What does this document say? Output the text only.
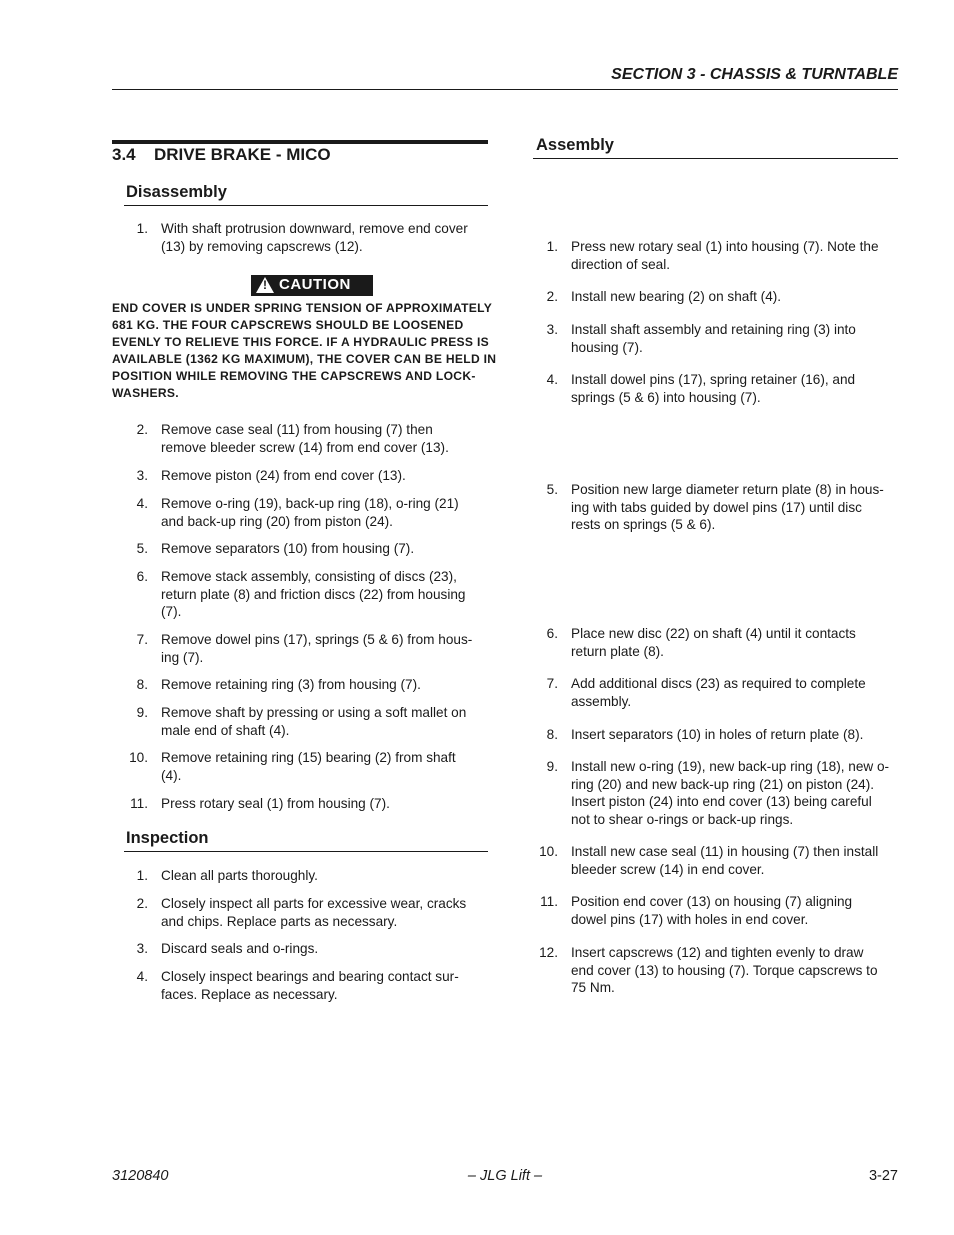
SECTION 3 - CHASSIS & TURNTABLE
3.4 DRIVE BRAKE - MICO
Disassembly
1. With shaft protrusion downward, remove end cover
(13) by removing capscrews (12).
! CAUTION
END COVER IS UNDER SPRING TENSION OF APPROXIMATELY
681 KG. THE FOUR CAPSCREWS SHOULD BE LOOSENED
EVENLY TO RELIEVE THIS FORCE. IF A HYDRAULIC PRESS IS
AVAILABLE (1362 KG MAXIMUM), THE COVER CAN BE HELD IN
POSITION WHILE REMOVING THE CAPSCREWS AND LOCK-
WASHERS.
2. Remove case seal (11) from housing (7) then
remove bleeder screw (14) from end cover (13).
3. Remove piston (24) from end cover (13).
4. Remove o-ring (19), back-up ring (18), o-ring (21)
and back-up ring (20) from piston (24).
5. Remove separators (10) from housing (7).
6. Remove stack assembly, consisting of discs (23),
return plate (8) and friction discs (22) from housing
(7).
7. Remove dowel pins (17), springs (5 & 6) from hous-
ing (7).
8. Remove retaining ring (3) from housing (7).
9. Remove shaft by pressing or using a soft mallet on
male end of shaft (4).
10. Remove retaining ring (15) bearing (2) from shaft
(4).
11. Press rotary seal (1) from housing (7).
Inspection
1. Clean all parts thoroughly.
2. Closely inspect all parts for excessive wear, cracks
and chips. Replace parts as necessary.
3. Discard seals and o-rings.
4. Closely inspect bearings and bearing contact sur-
faces. Replace as necessary.
Assembly
1. Press new rotary seal (1) into housing (7). Note the
direction of seal.
2. Install new bearing (2) on shaft (4).
3. Install shaft assembly and retaining ring (3) into
housing (7).
4. Install dowel pins (17), spring retainer (16), and
springs (5 & 6) into housing (7).
5. Position new large diameter return plate (8) in hous-
ing with tabs guided by dowel pins (17) until disc
rests on springs (5 & 6).
6. Place new disc (22) on shaft (4) until it contacts
return plate (8).
7. Add additional discs (23) as required to complete
assembly.
8. Insert separators (10) in holes of return plate (8).
9. Install new o-ring (19), new back-up ring (18), new o-
ring (20) and new back-up ring (21) on piston (24).
Insert piston (24) into end cover (13) being careful
not to shear o-rings or back-up rings.
10. Install new case seal (11) in housing (7) then install
bleeder screw (14) in end cover.
11. Position end cover (13) on housing (7) aligning
dowel pins (17) with holes in end cover.
12. Insert capscrews (12) and tighten evenly to draw
end cover (13) to housing (7). Torque capscrews to
75 Nm.
3120840	– JLG Lift –	3-27
